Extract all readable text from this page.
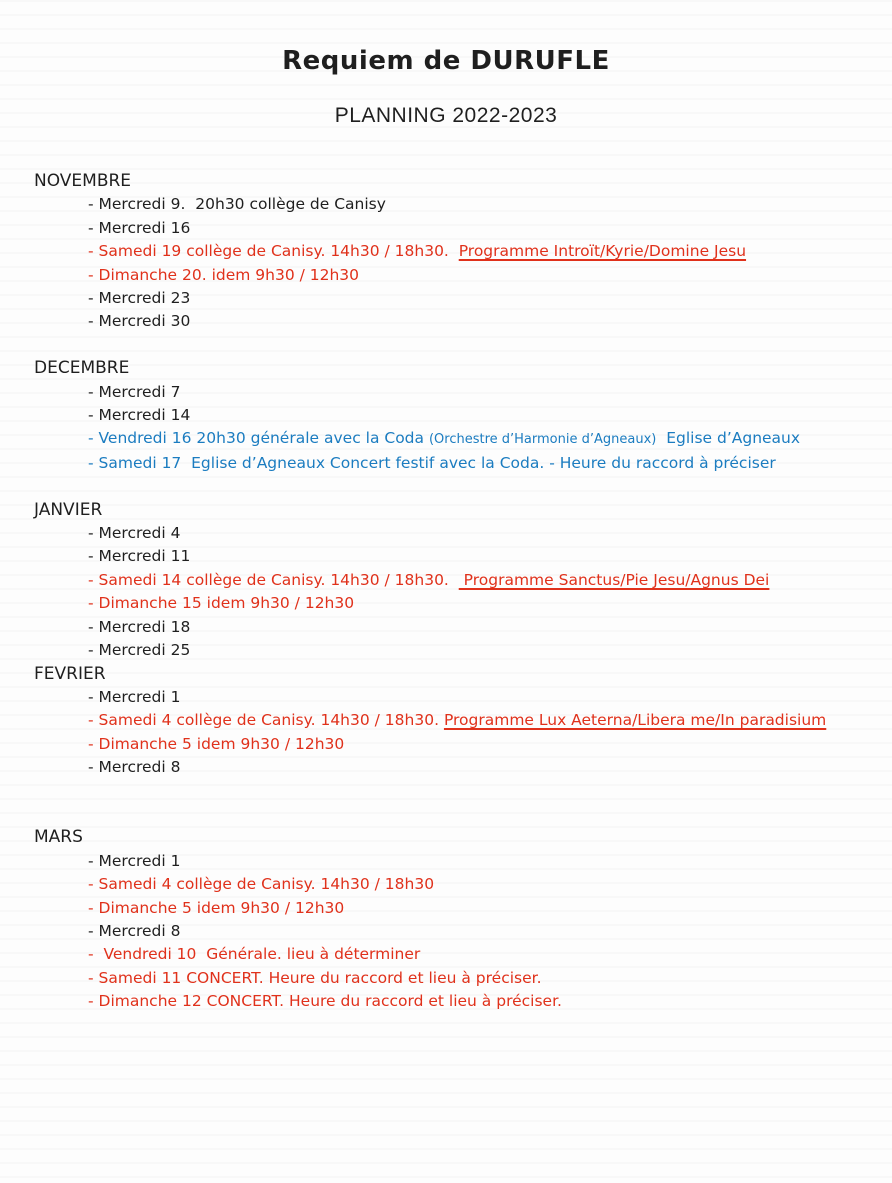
Requiem de DURUFLE
PLANNING 2022-2023
NOVEMBRE
- Mercredi 9.  20h30 collège de Canisy
- Mercredi 16
- Samedi 19 collège de Canisy. 14h30 / 18h30.  Programme Introït/Kyrie/Domine Jesu
- Dimanche 20. idem 9h30 / 12h30
- Mercredi 23
- Mercredi 30
DECEMBRE
- Mercredi 7
- Mercredi 14
- Vendredi 16 20h30 générale avec la Coda (Orchestre d’Harmonie d’Agneaux)  Eglise d’Agneaux
- Samedi 17  Eglise d’Agneaux Concert festif avec la Coda. - Heure du raccord à préciser
JANVIER
- Mercredi 4
- Mercredi 11
- Samedi 14 collège de Canisy. 14h30 / 18h30.   Programme Sanctus/Pie Jesu/Agnus Dei
- Dimanche 15 idem 9h30 / 12h30
- Mercredi 18
- Mercredi 25
FEVRIER
- Mercredi 1
- Samedi 4 collège de Canisy. 14h30 / 18h30. Programme Lux Aeterna/Libera me/In paradisium
- Dimanche 5 idem 9h30 / 12h30
- Mercredi 8
MARS
- Mercredi 1
- Samedi 4 collège de Canisy. 14h30 / 18h30
- Dimanche 5 idem 9h30 / 12h30
- Mercredi 8
-  Vendredi 10  Générale. lieu à déterminer
- Samedi 11 CONCERT. Heure du raccord et lieu à préciser.
- Dimanche 12 CONCERT. Heure du raccord et lieu à préciser.
